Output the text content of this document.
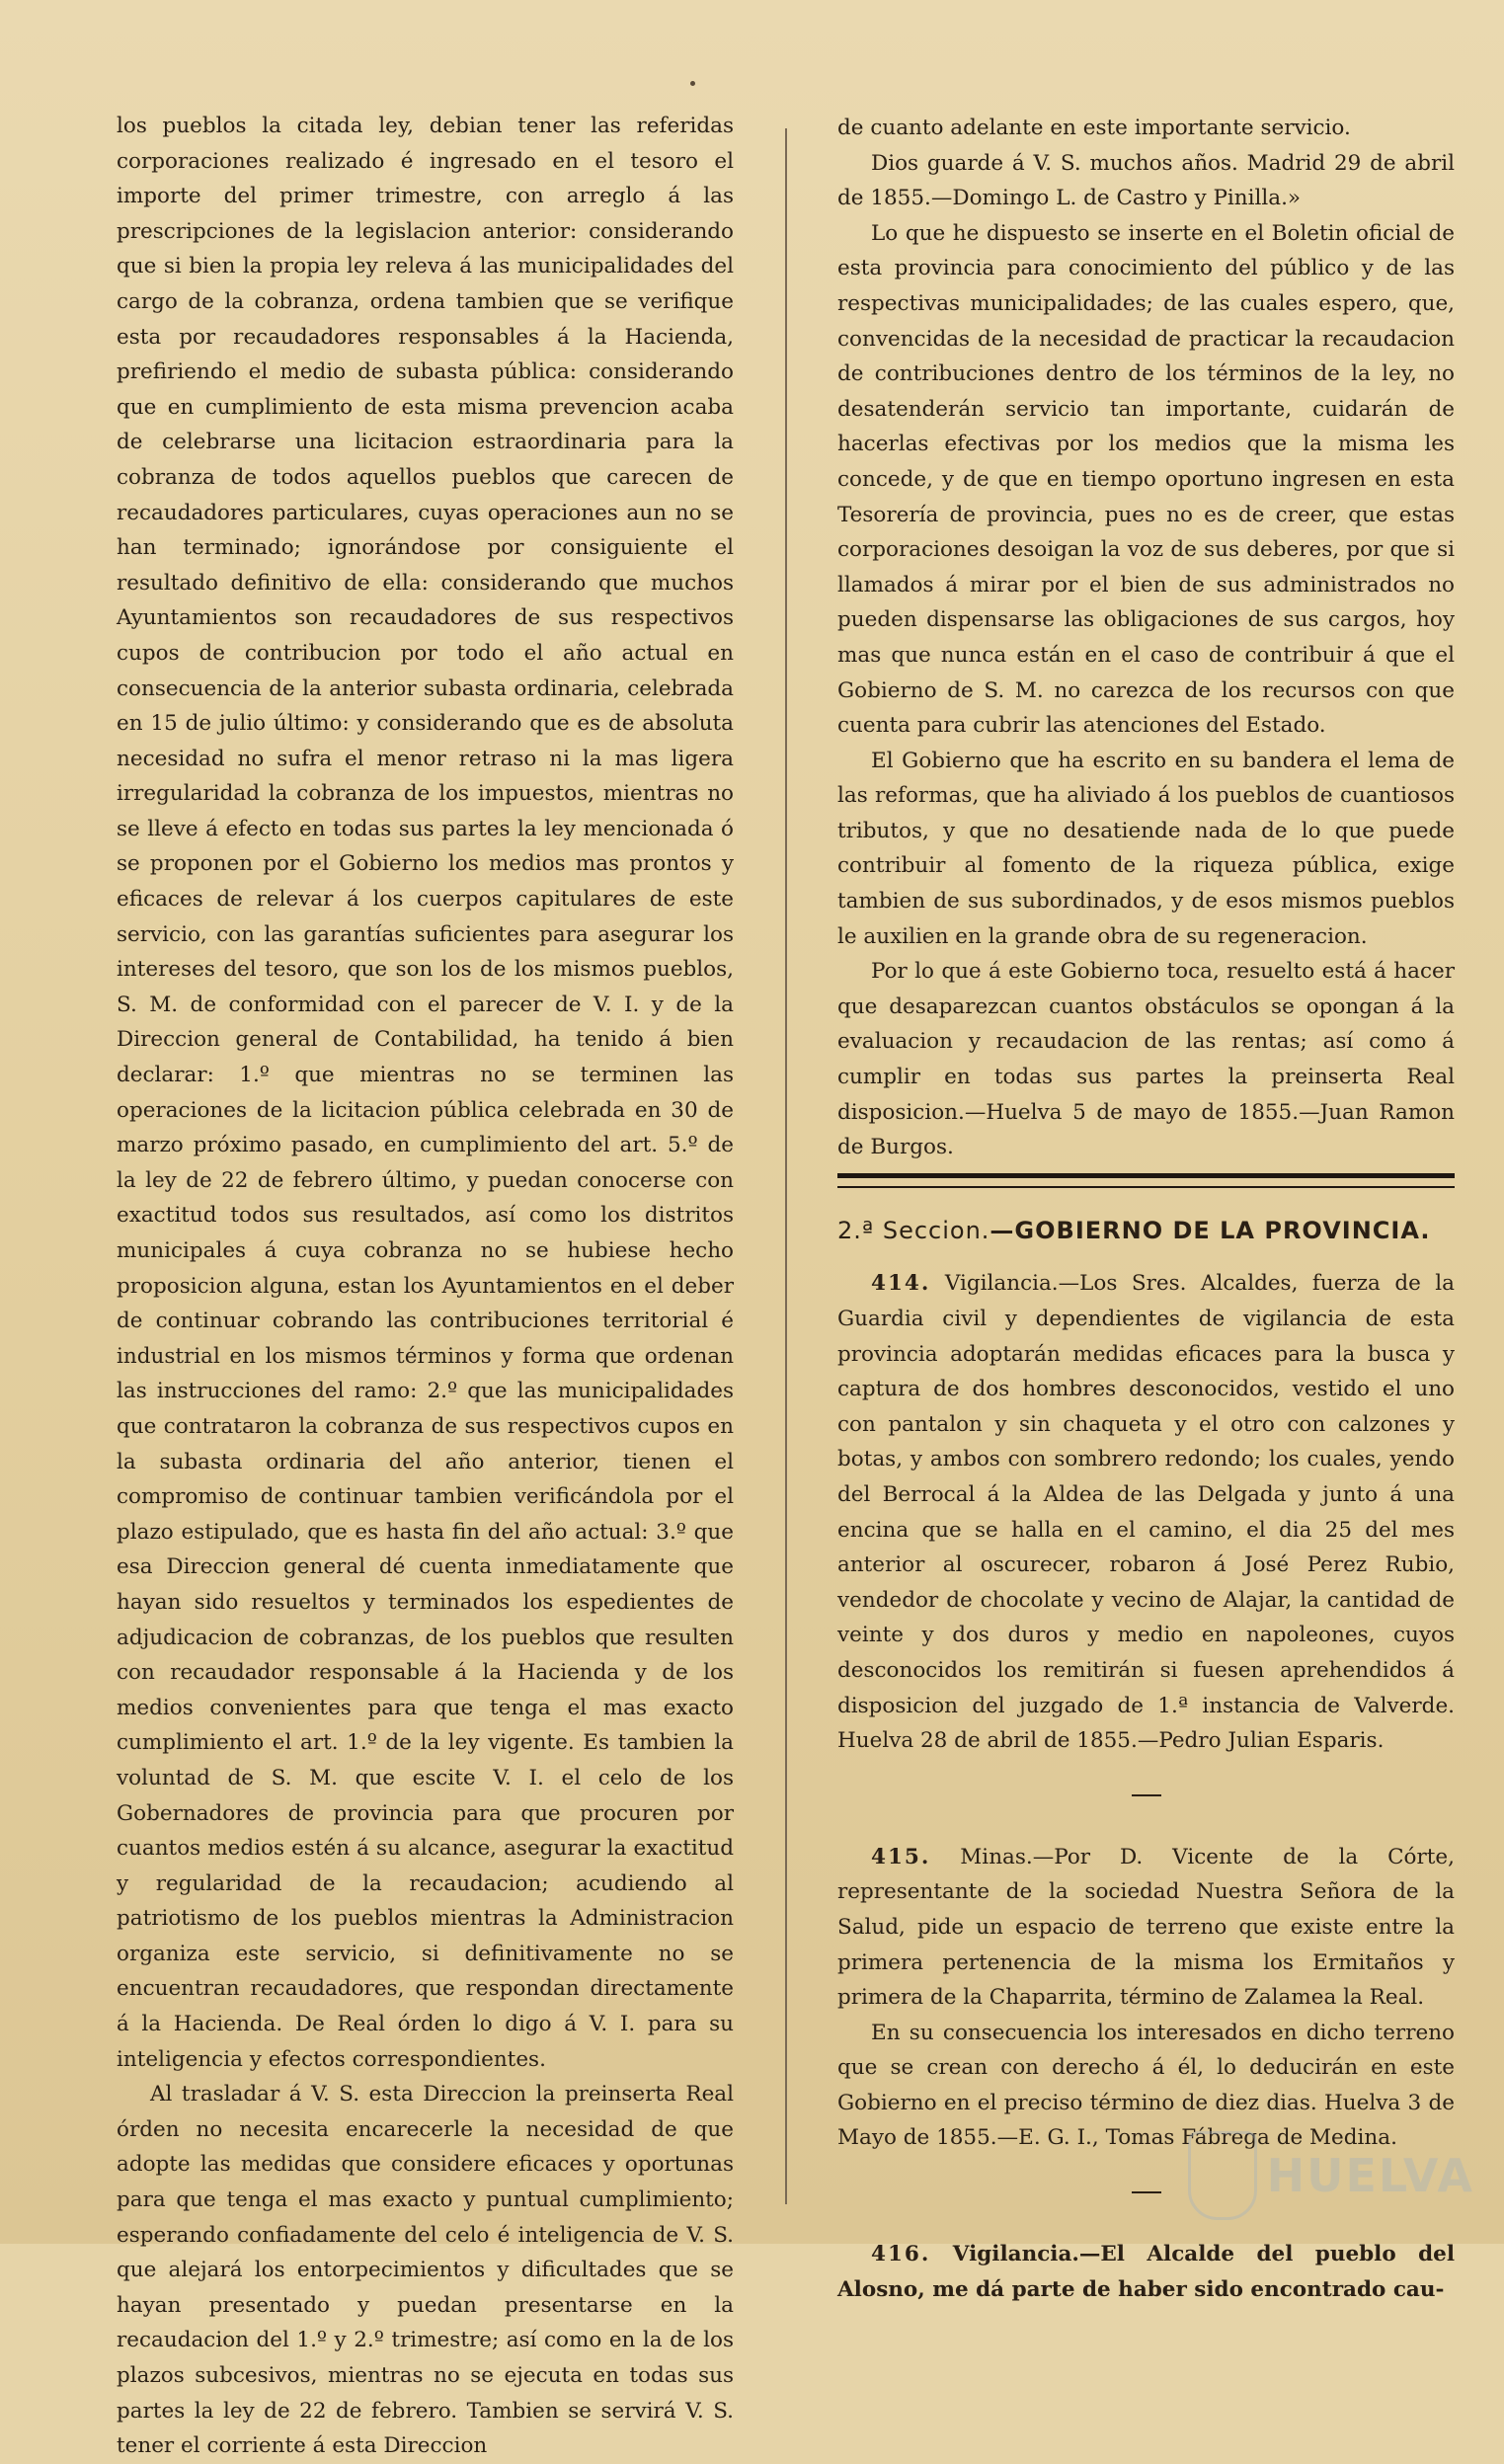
los pueblos la citada ley, debian tener las referidas corporaciones realizado é ingresado en el tesoro el importe del primer trimestre, con arreglo á las prescripciones de la legislacion anterior: considerando que si bien la propia ley releva á las municipalidades del cargo de la cobranza, ordena tambien que se verifique esta por recaudadores responsables á la Hacienda, prefiriendo el medio de subasta pública: considerando que en cumplimiento de esta misma prevencion acaba de celebrarse una licitacion estraordinaria para la cobranza de todos aquellos pueblos que carecen de recaudadores particulares, cuyas operaciones aun no se han terminado; ignorándose por consiguiente el resultado definitivo de ella: considerando que muchos Ayuntamientos son recaudadores de sus respectivos cupos de contribucion por todo el año actual en consecuencia de la anterior subasta ordinaria, celebrada en 15 de julio último: y considerando que es de absoluta necesidad no sufra el menor retraso ni la mas ligera irregularidad la cobranza de los impuestos, mientras no se lleve á efecto en todas sus partes la ley mencionada ó se proponen por el Gobierno los medios mas prontos y eficaces de relevar á los cuerpos capitulares de este servicio, con las garantías suficientes para asegurar los intereses del tesoro, que son los de los mismos pueblos, S. M. de conformidad con el parecer de V. I. y de la Direccion general de Contabilidad, ha tenido á bien declarar: 1.º que mientras no se terminen las operaciones de la licitacion pública celebrada en 30 de marzo próximo pasado, en cumplimiento del art. 5.º de la ley de 22 de febrero último, y puedan conocerse con exactitud todos sus resultados, así como los distritos municipales á cuya cobranza no se hubiese hecho proposicion alguna, estan los Ayuntamientos en el deber de continuar cobrando las contribuciones territorial é industrial en los mismos términos y forma que ordenan las instrucciones del ramo: 2.º que las municipalidades que contrataron la cobranza de sus respectivos cupos en la subasta ordinaria del año anterior, tienen el compromiso de continuar tambien verificándola por el plazo estipulado, que es hasta fin del año actual: 3.º que esa Direccion general dé cuenta inmediatamente que hayan sido resueltos y terminados los espedientes de adjudicacion de cobranzas, de los pueblos que resulten con recaudador responsable á la Hacienda y de los medios convenientes para que tenga el mas exacto cumplimiento el art. 1.º de la ley vigente. Es tambien la voluntad de S. M. que escite V. I. el celo de los Gobernadores de provincia para que procuren por cuantos medios estén á su alcance, asegurar la exactitud y regularidad de la recaudacion; acudiendo al patriotismo de los pueblos mientras la Administracion organiza este servicio, si definitivamente no se encuentran recaudadores, que respondan directamente á la Hacienda. De Real órden lo digo á V. I. para su inteligencia y efectos correspondientes.

Al trasladar á V. S. esta Direccion la preinserta Real órden no necesita encarecerle la necesidad de que adopte las medidas que considere eficaces y oportunas para que tenga el mas exacto y puntual cumplimiento; esperando confiadamente del celo é inteligencia de V. S. que alejará los entorpecimientos y dificultades que se hayan presentado y puedan presentarse en la recaudacion del 1.º y 2.º trimestre; así como en la de los plazos subcesivos, mientras no se ejecuta en todas sus partes la ley de 22 de febrero. Tambien se servirá V. S. tener el corriente á esta Direccion

de cuanto adelante en este importante servicio.

Dios guarde á V. S. muchos años. Madrid 29 de abril de 1855.—Domingo L. de Castro y Pinilla.»

Lo que he dispuesto se inserte en el Boletin oficial de esta provincia para conocimiento del público y de las respectivas municipalidades; de las cuales espero, que, convencidas de la necesidad de practicar la recaudacion de contribuciones dentro de los términos de la ley, no desatenderán servicio tan importante, cuidarán de hacerlas efectivas por los medios que la misma les concede, y de que en tiempo oportuno ingresen en esta Tesorería de provincia, pues no es de creer, que estas corporaciones desoigan la voz de sus deberes, por que si llamados á mirar por el bien de sus administrados no pueden dispensarse las obligaciones de sus cargos, hoy mas que nunca están en el caso de contribuir á que el Gobierno de S. M. no carezca de los recursos con que cuenta para cubrir las atenciones del Estado.

El Gobierno que ha escrito en su bandera el lema de las reformas, que ha aliviado á los pueblos de cuantiosos tributos, y que no desatiende nada de lo que puede contribuir al fomento de la riqueza pública, exige tambien de sus subordinados, y de esos mismos pueblos le auxilien en la grande obra de su regeneracion.

Por lo que á este Gobierno toca, resuelto está á hacer que desaparezcan cuantos obstáculos se opongan á la evaluacion y recaudacion de las rentas; así como á cumplir en todas sus partes la preinserta Real disposicion.—Huelva 5 de mayo de 1855.—Juan Ramon de Burgos.

2.ª Seccion.—GOBIERNO DE LA PROVINCIA.

414. Vigilancia.—Los Sres. Alcaldes, fuerza de la Guardia civil y dependientes de vigilancia de esta provincia adoptarán medidas eficaces para la busca y captura de dos hombres desconocidos, vestido el uno con pantalon y sin chaqueta y el otro con calzones y botas, y ambos con sombrero redondo; los cuales, yendo del Berrocal á la Aldea de las Delgada y junto á una encina que se halla en el camino, el dia 25 del mes anterior al oscurecer, robaron á José Perez Rubio, vendedor de chocolate y vecino de Alajar, la cantidad de veinte y dos duros y medio en napoleones, cuyos desconocidos los remitirán si fuesen aprehendidos á disposicion del juzgado de 1.ª instancia de Valverde. Huelva 28 de abril de 1855.—Pedro Julian Esparis.

415. Minas.—Por D. Vicente de la Córte, representante de la sociedad Nuestra Señora de la Salud, pide un espacio de terreno que existe entre la primera pertenencia de la misma los Ermitaños y primera de la Chaparrita, término de Zalamea la Real.

En su consecuencia los interesados en dicho terreno que se crean con derecho á él, lo deducirán en este Gobierno en el preciso término de diez dias. Huelva 3 de Mayo de 1855.—E. G. I., Tomas Fábrega de Medina.

416. Vigilancia.—El Alcalde del pueblo del Alosno, me dá parte de haber sido encontrado cau-

HUELVA
